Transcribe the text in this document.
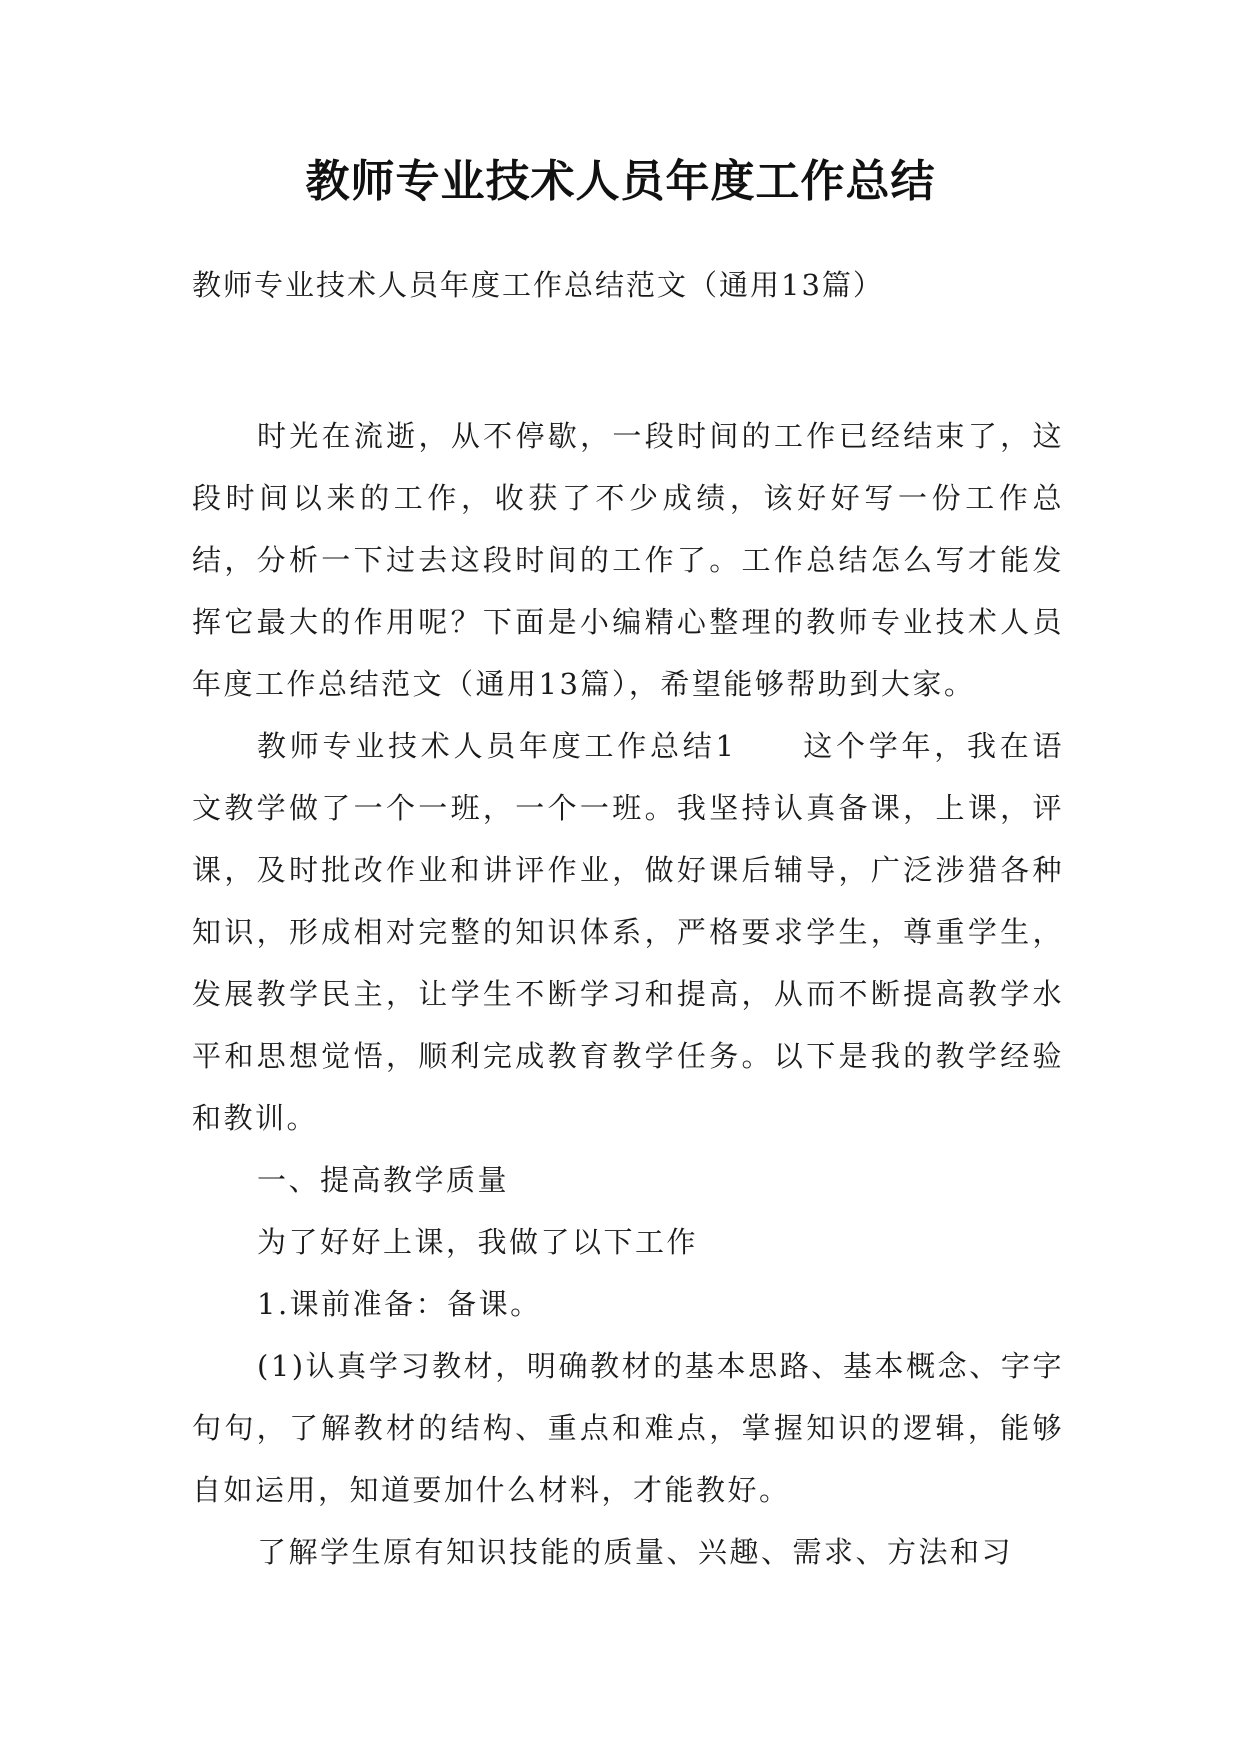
教师专业技术人员年度工作总结
教师专业技术人员年度工作总结范文（通用13篇）

时光在流逝，从不停歇，一段时间的工作已经结束了，这段时间以来的工作，收获了不少成绩，该好好写一份工作总结，分析一下过去这段时间的工作了。工作总结怎么写才能发挥它最大的作用呢？下面是小编精心整理的教师专业技术人员年度工作总结范文（通用13篇），希望能够帮助到大家。

教师专业技术人员年度工作总结1　　这个学年，我在语文教学做了一个一班，一个一班。我坚持认真备课，上课，评课，及时批改作业和讲评作业，做好课后辅导，广泛涉猎各种知识，形成相对完整的知识体系，严格要求学生，尊重学生，发展教学民主，让学生不断学习和提高，从而不断提高教学水平和思想觉悟，顺利完成教育教学任务。以下是我的教学经验和教训。

一、提高教学质量

为了好好上课，我做了以下工作

1.课前准备：备课。

(1)认真学习教材，明确教材的基本思路、基本概念、字字句句，了解教材的结构、重点和难点，掌握知识的逻辑，能够自如运用，知道要加什么材料，才能教好。

了解学生原有知识技能的质量、兴趣、需求、方法和习
